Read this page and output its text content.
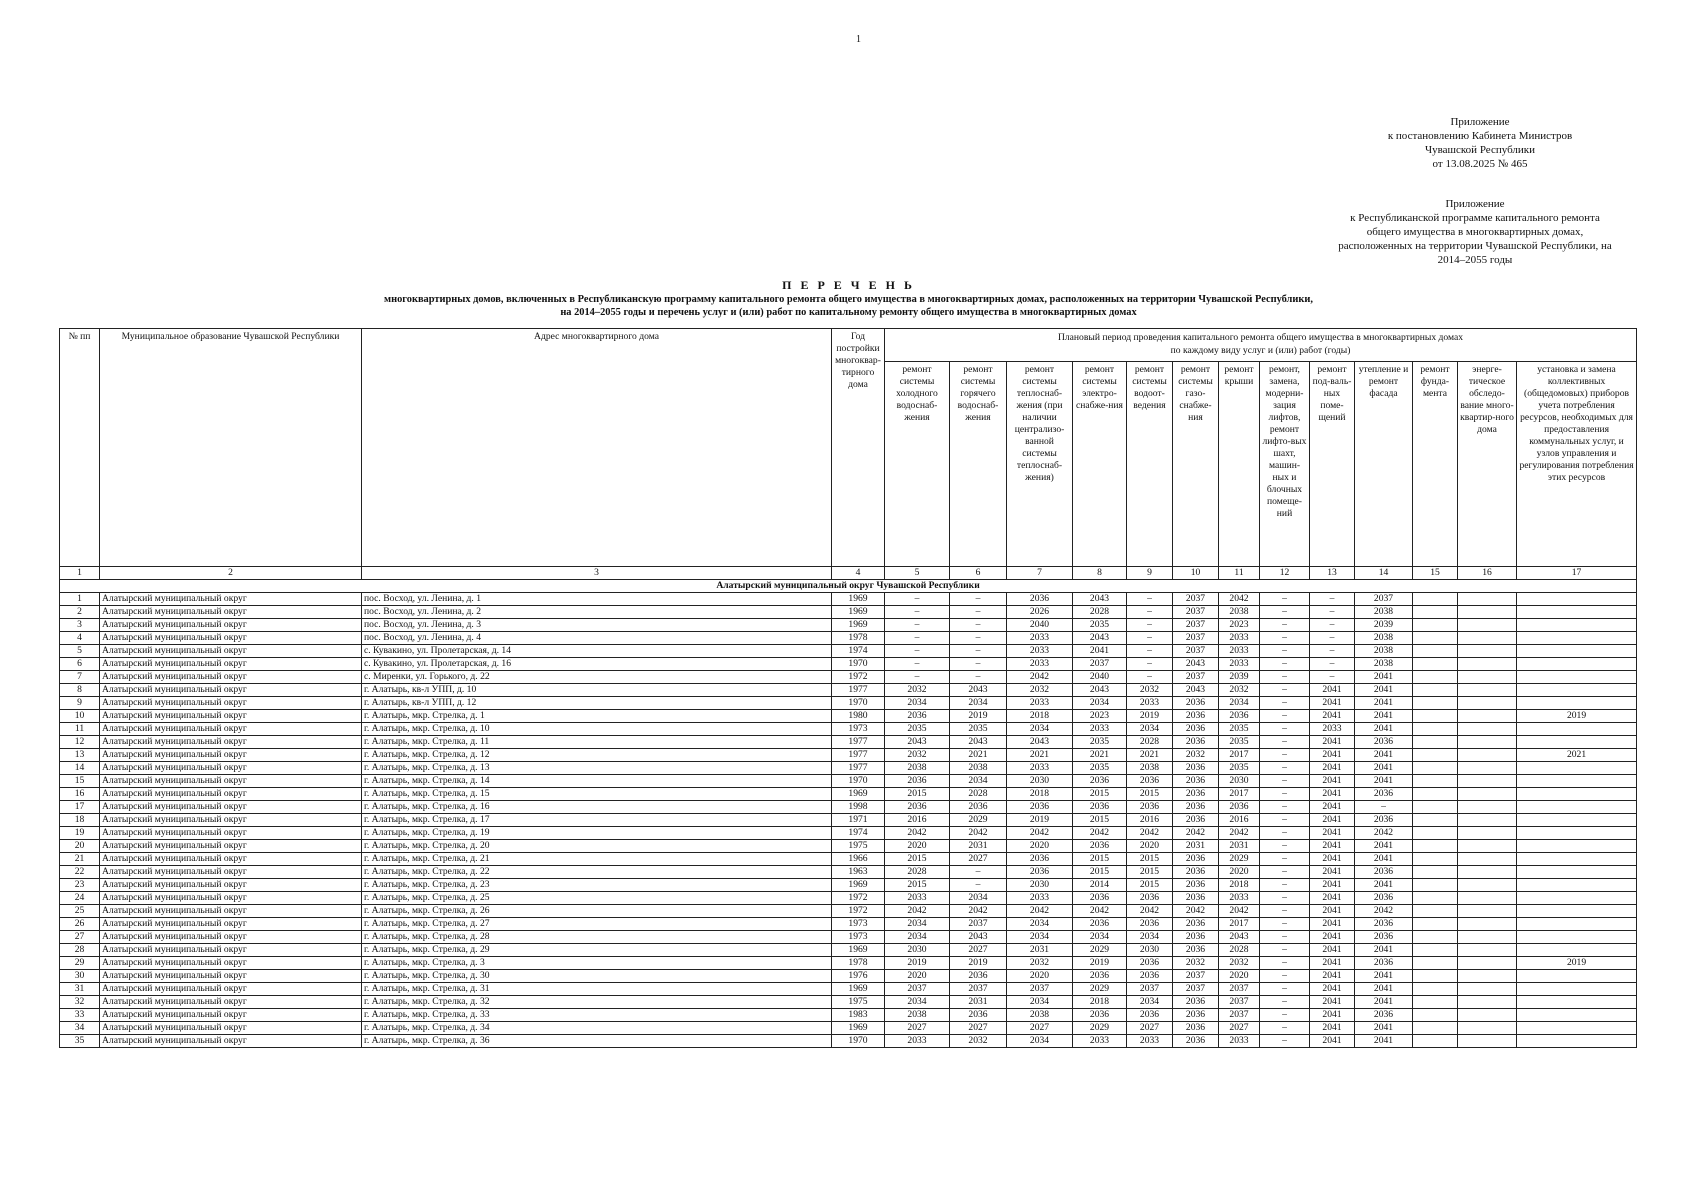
1
Приложение
к постановлению Кабинета Министров
Чувашской Республики
от 13.08.2025 № 465
Приложение
к Республиканской программе капитального ремонта
общего имущества в многоквартирных домах,
расположенных на территории Чувашской Республики, на
2014–2055 годы
П Е Р Е Ч Е Н Ь
многоквартирных домов, включенных в Республиканскую программу капитального ремонта общего имущества в многоквартирных домах, расположенных на территории Чувашской Республики,
на 2014–2055 годы и перечень услуг и (или) работ по капитальному ремонту общего имущества в многоквартирных домах
№ пп	Муниципальное образование Чувашской Республики	Адрес многоквартирного дома	Год постройки многоквар-тирного дома	Плановый период проведения капитального ремонта общего имущества в многоквартирных домах
по каждому виду услуг и (или) работ (годы)												

				ремонт системы холодного водоснаб-жения	ремонт системы горячего водоснаб-жения	ремонт системы теплоснаб-жения (при наличии централизо-ванной системы теплоснаб-жения)	ремонт системы электро-снабже-ния	ремонт системы водоот-ведения	ремонт системы газо-снабже-ния	ремонт крыши	ремонт, замена, модерни-зация лифтов, ремонт лифто-вых шахт, машин-ных и блочных помеще-ний	ремонт под-валь-ных поме-щений	утепление и ремонт фасада	ремонт фунда-мента	энерге-тическое обследо-вание много-квартир-ного дома	установка и замена коллективных (общедомовых) приборов учета потребления ресурсов, необходимых для предоставления коммунальных услуг, и узлов управления и регулирования потребления этих ресурсов
1	2	3	4	5	6	7	8	9	10	11	12	13	14	15	16	17
Алатырский муниципальный округ Чувашской Республики																
1	Алатырский муниципальный округ	пос. Восход, ул. Ленина, д. 1	1969	–	–	2036	2043	–	2037	2042	–	–	2037			
2	Алатырский муниципальный округ	пос. Восход, ул. Ленина, д. 2	1969	–	–	2026	2028	–	2037	2038	–	–	2038			
3	Алатырский муниципальный округ	пос. Восход, ул. Ленина, д. 3	1969	–	–	2040	2035	–	2037	2023	–	–	2039			
4	Алатырский муниципальный округ	пос. Восход, ул. Ленина, д. 4	1978	–	–	2033	2043	–	2037	2033	–	–	2038			
5	Алатырский муниципальный округ	с. Кувакино, ул. Пролетарская, д. 14	1974	–	–	2033	2041	–	2037	2033	–	–	2038			
6	Алатырский муниципальный округ	с. Кувакино, ул. Пролетарская, д. 16	1970	–	–	2033	2037	–	2043	2033	–	–	2038			
7	Алатырский муниципальный округ	с. Миренки, ул. Горького, д. 22	1972	–	–	2042	2040	–	2037	2039	–	–	2041			
8	Алатырский муниципальный округ	г. Алатырь, кв-л УПП, д. 10	1977	2032	2043	2032	2043	2032	2043	2032	–	2041	2041			
9	Алатырский муниципальный округ	г. Алатырь, кв-л УПП, д. 12	1970	2034	2034	2033	2034	2033	2036	2034	–	2041	2041			
10	Алатырский муниципальный округ	г. Алатырь, мкр. Стрелка, д. 1	1980	2036	2019	2018	2023	2019	2036	2036	–	2041	2041			2019
11	Алатырский муниципальный округ	г. Алатырь, мкр. Стрелка, д. 10	1973	2035	2035	2034	2033	2034	2036	2035	–	2033	2041			
12	Алатырский муниципальный округ	г. Алатырь, мкр. Стрелка, д. 11	1977	2043	2043	2043	2035	2028	2036	2035	–	2041	2036			
13	Алатырский муниципальный округ	г. Алатырь, мкр. Стрелка, д. 12	1977	2032	2021	2021	2021	2021	2032	2017	–	2041	2041			2021
14	Алатырский муниципальный округ	г. Алатырь, мкр. Стрелка, д. 13	1977	2038	2038	2033	2035	2038	2036	2035	–	2041	2041			
15	Алатырский муниципальный округ	г. Алатырь, мкр. Стрелка, д. 14	1970	2036	2034	2030	2036	2036	2036	2030	–	2041	2041			
16	Алатырский муниципальный округ	г. Алатырь, мкр. Стрелка, д. 15	1969	2015	2028	2018	2015	2015	2036	2017	–	2041	2036			
17	Алатырский муниципальный округ	г. Алатырь, мкр. Стрелка, д. 16	1998	2036	2036	2036	2036	2036	2036	2036	–	2041	–			
18	Алатырский муниципальный округ	г. Алатырь, мкр. Стрелка, д. 17	1971	2016	2029	2019	2015	2016	2036	2016	–	2041	2036			
19	Алатырский муниципальный округ	г. Алатырь, мкр. Стрелка, д. 19	1974	2042	2042	2042	2042	2042	2042	2042	–	2041	2042			
20	Алатырский муниципальный округ	г. Алатырь, мкр. Стрелка, д. 20	1975	2020	2031	2020	2036	2020	2031	2031	–	2041	2041			
21	Алатырский муниципальный округ	г. Алатырь, мкр. Стрелка, д. 21	1966	2015	2027	2036	2015	2015	2036	2029	–	2041	2041			
22	Алатырский муниципальный округ	г. Алатырь, мкр. Стрелка, д. 22	1963	2028	–	2036	2015	2015	2036	2020	–	2041	2036			
23	Алатырский муниципальный округ	г. Алатырь, мкр. Стрелка, д. 23	1969	2015	–	2030	2014	2015	2036	2018	–	2041	2041			
24	Алатырский муниципальный округ	г. Алатырь, мкр. Стрелка, д. 25	1972	2033	2034	2033	2036	2036	2036	2033	–	2041	2036			
25	Алатырский муниципальный округ	г. Алатырь, мкр. Стрелка, д. 26	1972	2042	2042	2042	2042	2042	2042	2042	–	2041	2042			
26	Алатырский муниципальный округ	г. Алатырь, мкр. Стрелка, д. 27	1973	2034	2037	2034	2036	2036	2036	2017	–	2041	2036			
27	Алатырский муниципальный округ	г. Алатырь, мкр. Стрелка, д. 28	1973	2034	2043	2034	2034	2034	2036	2043	–	2041	2036			
28	Алатырский муниципальный округ	г. Алатырь, мкр. Стрелка, д. 29	1969	2030	2027	2031	2029	2030	2036	2028	–	2041	2041			
29	Алатырский муниципальный округ	г. Алатырь, мкр. Стрелка, д. 3	1978	2019	2019	2032	2019	2036	2032	2032	–	2041	2036			2019
30	Алатырский муниципальный округ	г. Алатырь, мкр. Стрелка, д. 30	1976	2020	2036	2020	2036	2036	2037	2020	–	2041	2041			
31	Алатырский муниципальный округ	г. Алатырь, мкр. Стрелка, д. 31	1969	2037	2037	2037	2029	2037	2037	2037	–	2041	2041			
32	Алатырский муниципальный округ	г. Алатырь, мкр. Стрелка, д. 32	1975	2034	2031	2034	2018	2034	2036	2037	–	2041	2041			
33	Алатырский муниципальный округ	г. Алатырь, мкр. Стрелка, д. 33	1983	2038	2036	2038	2036	2036	2036	2037	–	2041	2036			
34	Алатырский муниципальный округ	г. Алатырь, мкр. Стрелка, д. 34	1969	2027	2027	2027	2029	2027	2036	2027	–	2041	2041			
35	Алатырский муниципальный округ	г. Алатырь, мкр. Стрелка, д. 36	1970	2033	2032	2034	2033	2033	2036	2033	–	2041	2041			
